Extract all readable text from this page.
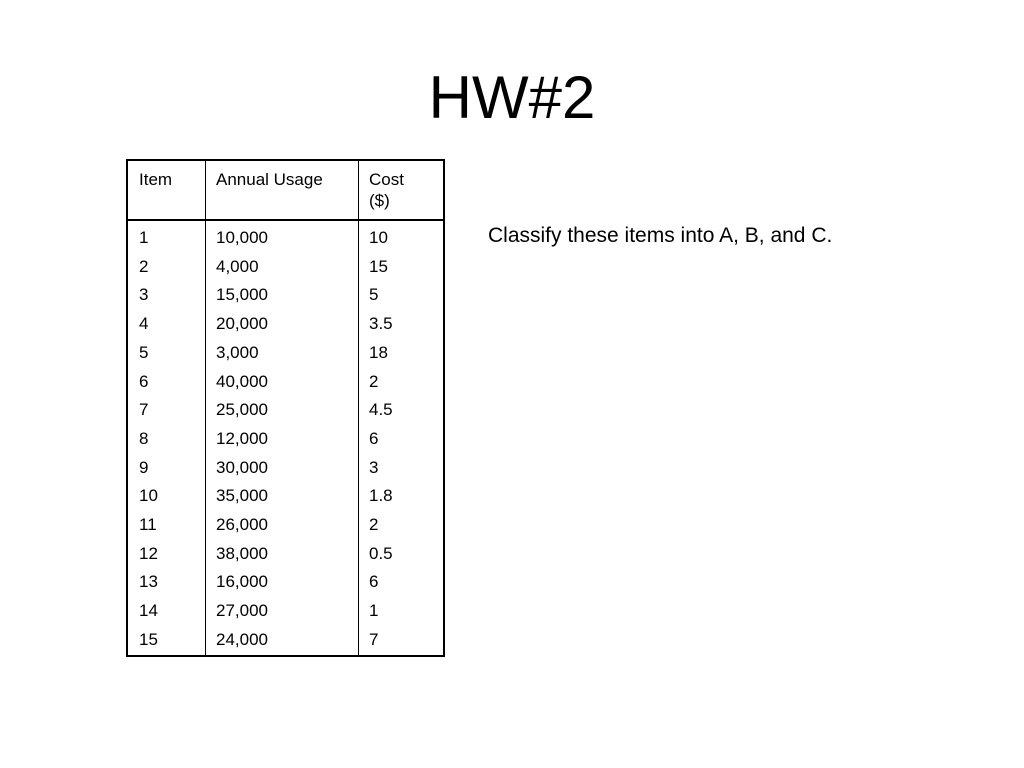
HW#2
Item	Annual Usage	Cost
($)
1
2
3
4
5
6
7
8
9
10
11
12
13
14
15
10,000
4,000
15,000
20,000
3,000
40,000
25,000
12,000
30,000
35,000
26,000
38,000
16,000
27,000
24,000
10
15
5
3.5
18
2
4.5
6
3
1.8
2
0.5
6
1
7
Classify these items into A, B, and C.
